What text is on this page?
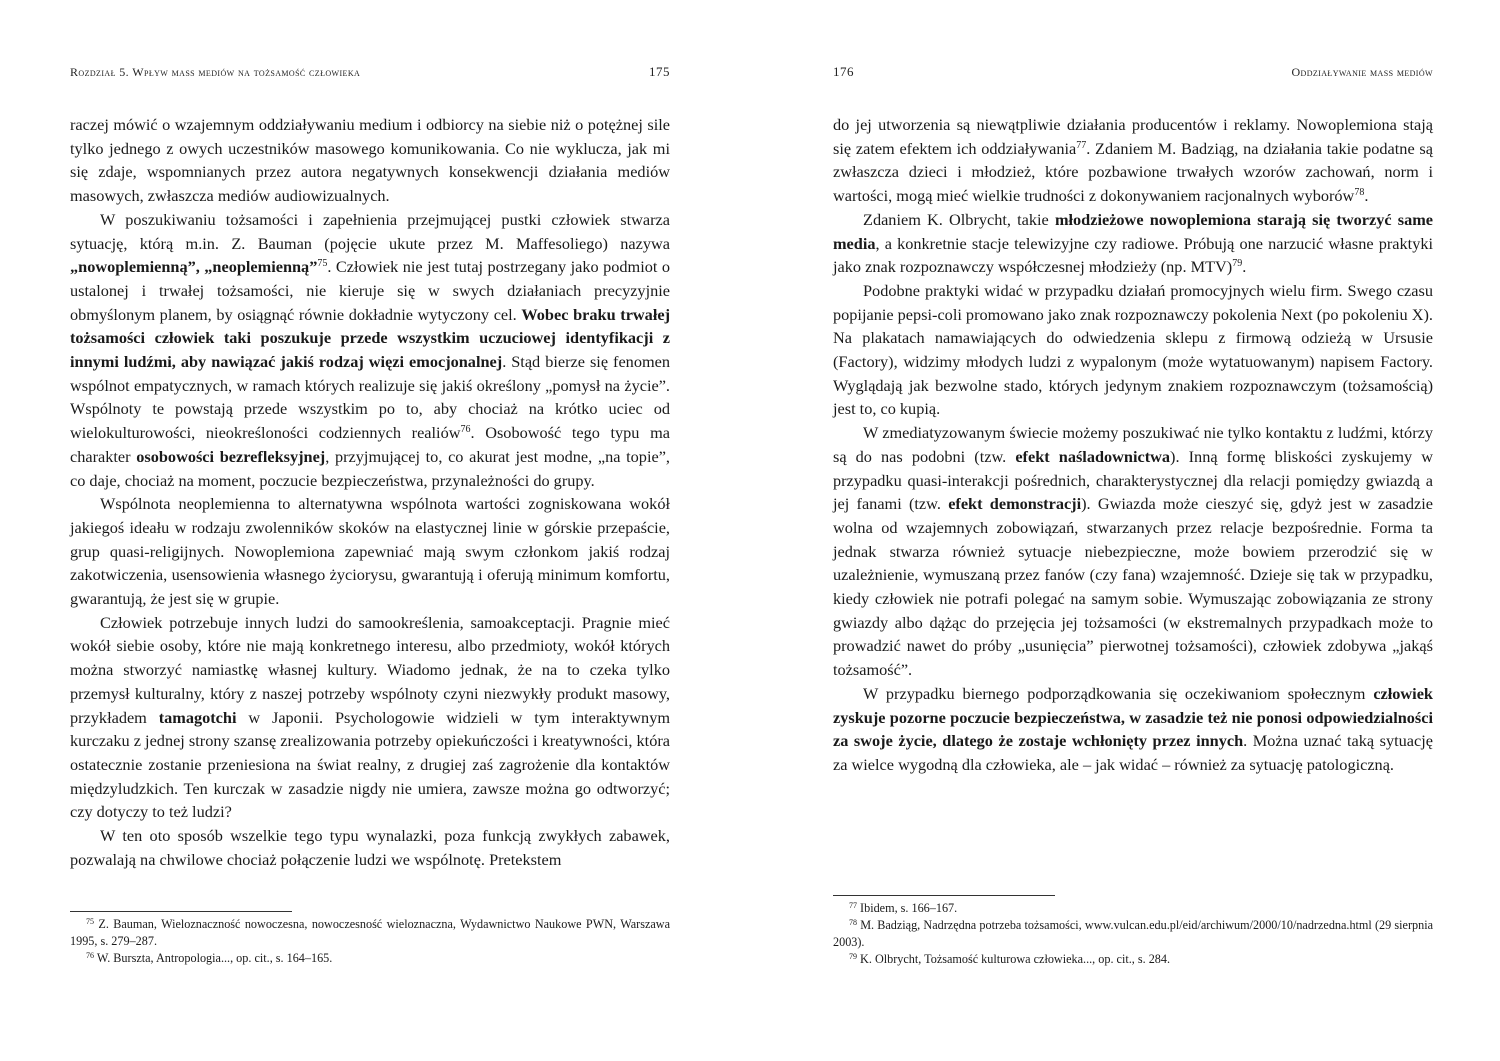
Rozdział 5. Wpływ mass mediów na tożsamość człowieka	175

raczej mówić o wzajemnym oddziaływaniu medium i odbiorcy na siebie niż o potężnej sile tylko jednego z owych uczestników masowego komunikowania. Co nie wyklucza, jak mi się zdaje, wspomnianych przez autora negatywnych konsekwencji działania mediów masowych, zwłaszcza mediów audiowizualnych.

W poszukiwaniu tożsamości i zapełnienia przejmującej pustki człowiek stwarza sytuację, którą m.in. Z. Bauman (pojęcie ukute przez M. Maffesoliego) nazywa „nowoplemienną”, „neoplemienną”$^{75}$. Człowiek nie jest tutaj postrzegany jako podmiot o ustalonej i trwałej tożsamości, nie kieruje się w swych działaniach precyzyjnie obmyślonym planem, by osiągnąć równie dokładnie wytyczony cel. Wobec braku trwałej tożsamości człowiek taki poszukuje przede wszystkim uczuciowej identyfikacji z innymi ludźmi, aby nawiązać jakiś rodzaj więzi emocjonalnej. Stąd bierze się fenomen wspólnot empatycznych, w ramach których realizuje się jakiś określony „pomysł na życie”. Wspólnoty te powstają przede wszystkim po to, aby chociaż na krótko uciec od wielokulturowości, nieokreśloności codziennych realiów$^{76}$. Osobowość tego typu ma charakter osobowości bezrefleksyjnej, przyjmującej to, co akurat jest modne, „na topie”, co daje, chociaż na moment, poczucie bezpieczeństwa, przynależności do grupy.

Wspólnota neoplemienna to alternatywna wspólnota wartości zogniskowana wokół jakiegoś ideału w rodzaju zwolenników skoków na elastycznej linie w górskie przepaście, grup quasi-religijnych. Nowoplemiona zapewniać mają swym członkom jakiś rodzaj zakotwiczenia, usensowienia własnego życiorysu, gwarantują i oferują minimum komfortu, gwarantują, że jest się w grupie.

Człowiek potrzebuje innych ludzi do samookreślenia, samoakceptacji. Pragnie mieć wokół siebie osoby, które nie mają konkretnego interesu, albo przedmioty, wokół których można stworzyć namiastkę własnej kultury. Wiadomo jednak, że na to czeka tylko przemysł kulturalny, który z naszej potrzeby wspólnoty czyni niezwykły produkt masowy, przykładem tamagotchi w Japonii. Psychologowie widzieli w tym interaktywnym kurczaku z jednej strony szansę zrealizowania potrzeby opiekuńczości i kreatywności, która ostatecznie zostanie przeniesiona na świat realny, z drugiej zaś zagrożenie dla kontaktów międzyludzkich. Ten kurczak w zasadzie nigdy nie umiera, zawsze można go odtworzyć; czy dotyczy to też ludzi?

W ten oto sposób wszelkie tego typu wynalazki, poza funkcją zwykłych zabawek, pozwalają na chwilowe chociaż połączenie ludzi we wspólnotę. Pretekstem

$^{75}$ Z. Bauman, Wieloznaczność nowoczesna, nowoczesność wieloznaczna, Wydawnictwo Naukowe PWN, Warszawa 1995, s. 279–287.

$^{76}$ W. Burszta, Antropologia..., op. cit., s. 164–165.

176	Oddziaływanie mass mediów

do jej utworzenia są niewątpliwie działania producentów i reklamy. Nowoplemiona stają się zatem efektem ich oddziaływania$^{77}$. Zdaniem M. Badziąg, na działania takie podatne są zwłaszcza dzieci i młodzież, które pozbawione trwałych wzorów zachowań, norm i wartości, mogą mieć wielkie trudności z dokonywaniem racjonalnych wyborów$^{78}$.

Zdaniem K. Olbrycht, takie młodzieżowe nowoplemiona starają się tworzyć same media, a konkretnie stacje telewizyjne czy radiowe. Próbują one narzucić własne praktyki jako znak rozpoznawczy współczesnej młodzieży (np. MTV)$^{79}$.

Podobne praktyki widać w przypadku działań promocyjnych wielu firm. Swego czasu popijanie pepsi-coli promowano jako znak rozpoznawczy pokolenia Next (po pokoleniu X). Na plakatach namawiających do odwiedzenia sklepu z firmową odzieżą w Ursusie (Factory), widzimy młodych ludzi z wypalonym (może wytatuowanym) napisem Factory. Wyglądają jak bezwolne stado, których jedynym znakiem rozpoznawczym (tożsamością) jest to, co kupią.

W zmediatyzowanym świecie możemy poszukiwać nie tylko kontaktu z ludźmi, którzy są do nas podobni (tzw. efekt naśladownictwa). Inną formę bliskości zyskujemy w przypadku quasi-interakcji pośrednich, charakterystycznej dla relacji pomiędzy gwiazdą a jej fanami (tzw. efekt demonstracji). Gwiazda może cieszyć się, gdyż jest w zasadzie wolna od wzajemnych zobowiązań, stwarzanych przez relacje bezpośrednie. Forma ta jednak stwarza również sytuacje niebezpieczne, może bowiem przerodzić się w uzależnienie, wymuszaną przez fanów (czy fana) wzajemność. Dzieje się tak w przypadku, kiedy człowiek nie potrafi polegać na samym sobie. Wymuszając zobowiązania ze strony gwiazdy albo dążąc do przejęcia jej tożsamości (w ekstremalnych przypadkach może to prowadzić nawet do próby „usunięcia” pierwotnej tożsamości), człowiek zdobywa „jakąś tożsamość”.

W przypadku biernego podporządkowania się oczekiwaniom społecznym człowiek zyskuje pozorne poczucie bezpieczeństwa, w zasadzie też nie ponosi odpowiedzialności za swoje życie, dlatego że zostaje wchłonięty przez innych. Można uznać taką sytuację za wielce wygodną dla człowieka, ale – jak widać – również za sytuację patologiczną.

$^{77}$ Ibidem, s. 166–167.

$^{78}$ M. Badziąg, Nadrzędna potrzeba tożsamości, www.vulcan.edu.pl/eid/archiwum/2000/10/nadrzedna.html (29 sierpnia 2003).

$^{79}$ K. Olbrycht, Tożsamość kulturowa człowieka..., op. cit., s. 284.
